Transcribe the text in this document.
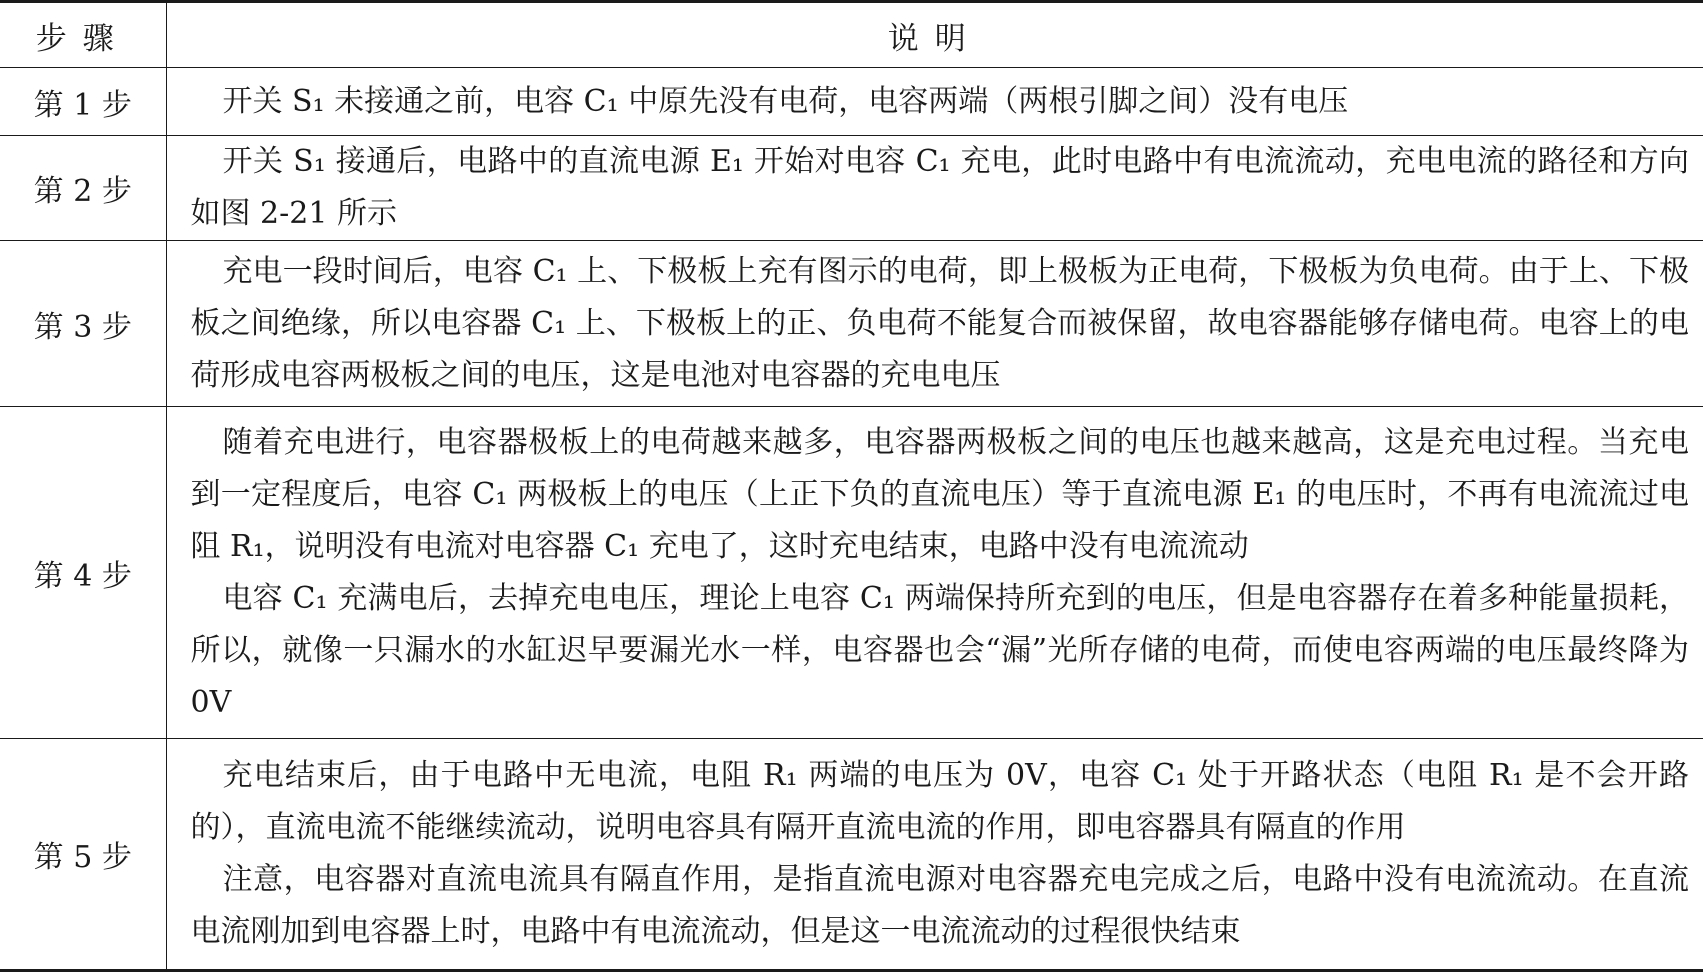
步骤	说明
第 1 步	开关 S₁ 未接通之前，电容 C₁ 中原先没有电荷，电容两端（两根引脚之间）没有电压

第 2 步	开关 S₁ 接通后，电路中的直流电源 E₁ 开始对电容 C₁ 充电，此时电路中有电流流动，充电电流的路径和方向如图 2-21 所示

第 3 步	充电一段时间后，电容 C₁ 上、下极板上充有图示的电荷，即上极板为正电荷，下极板为负电荷。由于上、下极板之间绝缘，所以电容器 C₁ 上、下极板上的正、负电荷不能复合而被保留，故电容器能够存储电荷。电容上的电荷形成电容两极板之间的电压，这是电池对电容器的充电电压

第 4 步	随着充电进行，电容器极板上的电荷越来越多，电容器两极板之间的电压也越来越高，这是充电过程。当充电到一定程度后，电容 C₁ 两极板上的电压（上正下负的直流电压）等于直流电源 E₁ 的电压时，不再有电流流过电阻 R₁，说明没有电流对电容器 C₁ 充电了，这时充电结束，电路中没有电流流动
电容 C₁ 充满电后，去掉充电电压，理论上电容 C₁ 两端保持所充到的电压，但是电容器存在着多种能量损耗，所以，就像一只漏水的水缸迟早要漏光水一样，电容器也会“漏”光所存储的电荷，而使电容两端的电压最终降为 0V

第 5 步	充电结束后，由于电路中无电流，电阻 R₁ 两端的电压为 0V，电容 C₁ 处于开路状态（电阻 R₁ 是不会开路的），直流电流不能继续流动，说明电容具有隔开直流电流的作用，即电容器具有隔直的作用
注意，电容器对直流电流具有隔直作用，是指直流电源对电容器充电完成之后，电路中没有电流流动。在直流电流刚加到电容器上时，电路中有电流流动，但是这一电流流动的过程很快结束
